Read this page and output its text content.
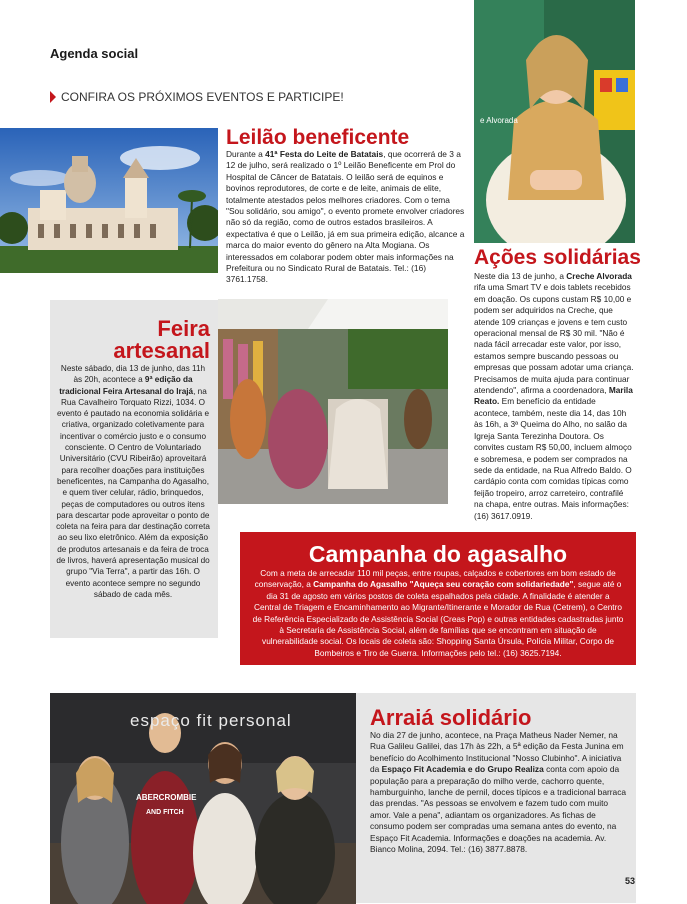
Agenda social
CONFIRA OS PRÓXIMOS EVENTOS E PARTICIPE!
Leilão beneficente
Durante a 41ª Festa do Leite de Batatais, que ocorrerá de 3 a 12 de julho, será realizado o 1º Leilão Beneficente em Prol do Hospital de Câncer de Batatais. O leilão será de equinos e bovinos reprodutores, de corte e de leite, animais de elite, totalmente atestados pelos melhores criadores. Com o tema "Sou solidário, sou amigo", o evento promete envolver criadores não só da região, como de outros estados brasileiros. A expectativa é que o Leilão, já em sua primeira edição, alcance a marca do maior evento do gênero na Alta Mogiana. Os interessados em colaborar podem obter mais informações na Prefeitura ou no Sindicato Rural de Batatais. Tel.: (16) 3761.1758.
e Alvorada
Ações solidárias
Neste dia 13 de junho, a Creche Alvorada rifa uma Smart TV e dois tablets recebidos em doação. Os cupons custam R$ 10,00 e podem ser adquiridos na Creche, que atende 109 crianças e jovens e tem custo operacional mensal de R$ 30 mil. "Não é nada fácil arrecadar este valor, por isso, estamos sempre buscando pessoas ou empresas que possam adotar uma criança. Precisamos de muita ajuda para continuar atendendo", afirma a coordenadora, Marila Reato. Em benefício da entidade acontece, também, neste dia 14, das 10h às 16h, a 3ª Queima do Alho, no salão da Igreja Santa Terezinha Doutora. Os convites custam R$ 50,00, incluem almoço e sobremesa, e podem ser comprados na sede da entidade, na Rua Alfredo Baldo. O cardápio conta com comidas típicas como feijão tropeiro, arroz carreteiro, contrafilé na chapa, entre outras. Mais informações: (16) 3617.0919.
Feira
artesanal
Neste sábado, dia 13 de junho, das 11h às 20h, acontece a 9ª edição da tradicional Feira Artesanal do Irajá, na Rua Cavalheiro Torquato Rizzi, 1034. O evento é pautado na economia solidária e criativa, organizado coletivamente para incentivar o comércio justo e o consumo consciente. O Centro de Voluntariado Universitário (CVU Ribeirão) aproveitará para recolher doações para instituições beneficentes, na Campanha do Agasalho, e quem tiver celular, rádio, brinquedos, peças de computadores ou outros itens para descartar pode aproveitar o ponto de coleta na feira para dar destinação correta ao seu lixo eletrônico. Além da exposição de produtos artesanais e da feira de troca de livros, haverá apresentação musical do grupo "Via Terra", a partir das 16h. O evento acontece sempre no segundo sábado de cada mês.
Campanha do agasalho
Com a meta de arrecadar 110 mil peças, entre roupas, calçados e cobertores em bom estado de conservação, a Campanha do Agasalho "Aqueça seu coração com solidariedade", segue até o dia 31 de agosto em vários postos de coleta espalhados pela cidade. A finalidade é atender a Central de Triagem e Encaminhamento ao Migrante/Itinerante e Morador de Rua (Cetrem), o Centro de Referência Especializado de Assistência Social (Creas Pop) e outras entidades cadastradas junto à Secretaria de Assistência Social, além de famílias que se encontram em situação de vulnerabilidade social. Os locais de coleta são: Shopping Santa Úrsula, Polícia Militar, Corpo de Bombeiros e Tiro de Guerra. Informações pelo tel.: (16) 3625.7194.
espaço fit personal
ABERCROMBIE
AND FITCH
Arraiá solidário
No dia 27 de junho, acontece, na Praça Matheus Nader Nemer, na Rua Galileu Galilei, das 17h às 22h, a 5ª edição da Festa Junina em benefício do Acolhimento Institucional "Nosso Clubinho". A iniciativa da Espaço Fit Academia e do Grupo Realiza conta com apoio da população para a preparação do milho verde, cachorro quente, hamburguinho, lanche de pernil, doces típicos e a tradicional barraca das prendas. "As pessoas se envolvem e fazem tudo com muito amor. Vale a pena", adiantam os organizadores. As fichas de consumo podem ser compradas uma semana antes do evento, na Espaço Fit Academia. Informações e doações na academia. Av. Bianco Molina, 2094. Tel.: (16) 3877.8878.
53
